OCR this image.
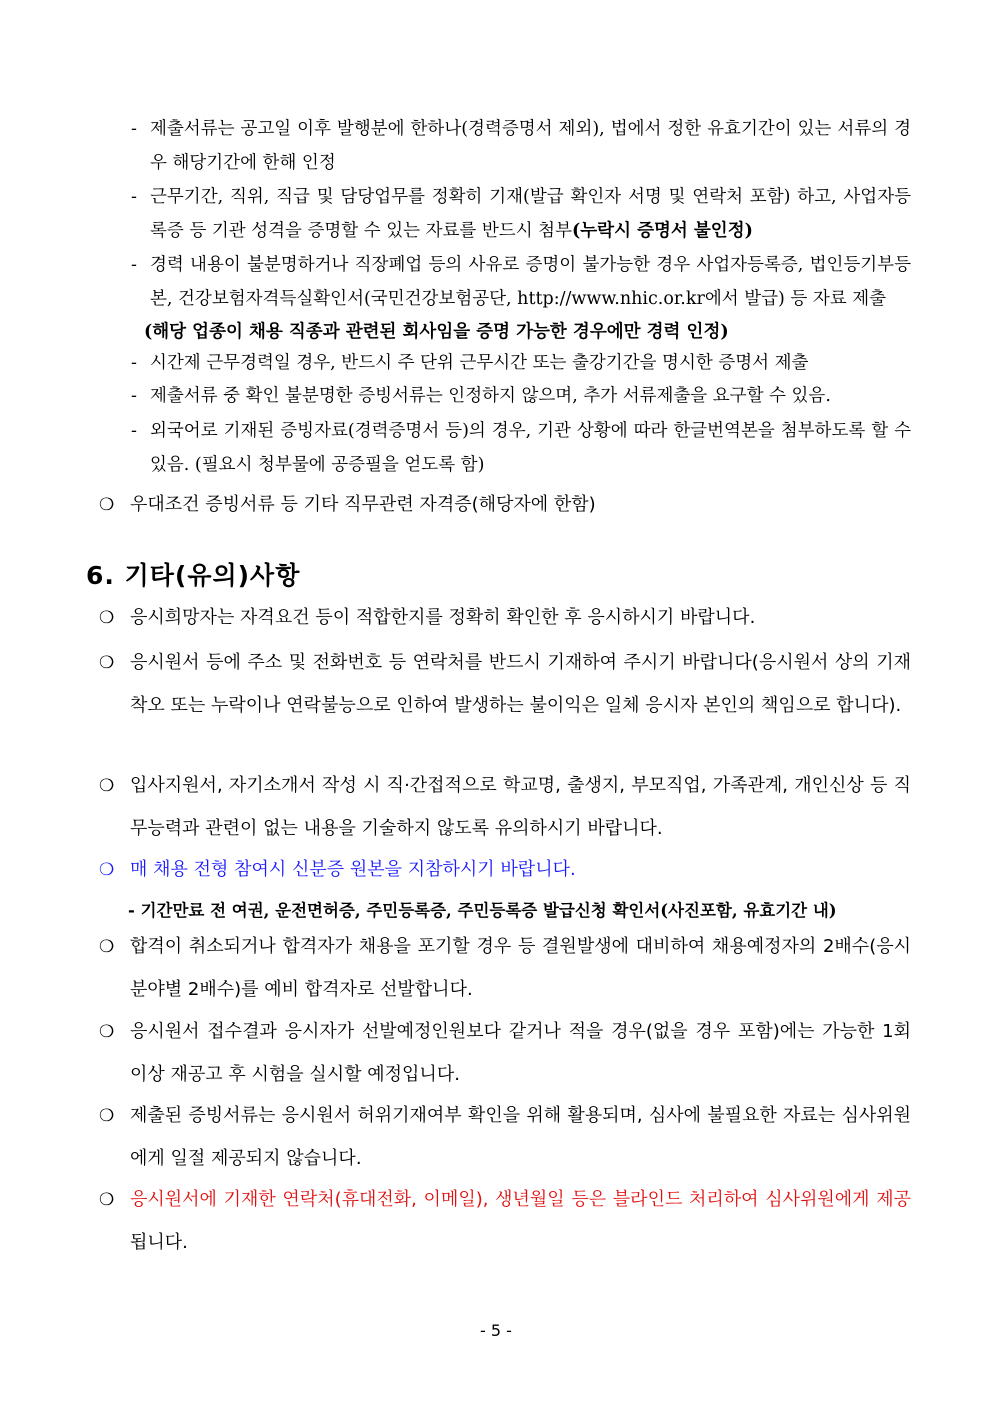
- 제출서류는 공고일 이후 발행분에 한하나(경력증명서 제외), 법에서 정한 유효기간이 있는 서류의 경우 해당기간에 한해 인정
- 근무기간, 직위, 직급 및 담당업무를 정확히 기재(발급 확인자 서명 및 연락처 포함) 하고, 사업자등록증 등 기관 성격을 증명할 수 있는 자료를 반드시 첨부(누락시 증명서 불인정)
- 경력 내용이 불분명하거나 직장폐업 등의 사유로 증명이 불가능한 경우 사업자등록증, 법인등기부등본, 건강보험자격득실확인서(국민건강보험공단, http://www.nhic.or.kr에서 발급) 등 자료 제출
(해당 업종이 채용 직종과 관련된 회사임을 증명 가능한 경우에만 경력 인정)
- 시간제 근무경력일 경우, 반드시 주 단위 근무시간 또는 출강기간을 명시한 증명서 제출
- 제출서류 중 확인 불분명한 증빙서류는 인정하지 않으며, 추가 서류제출을 요구할 수 있음.
- 외국어로 기재된 증빙자료(경력증명서 등)의 경우, 기관 상황에 따라 한글번역본을 첨부하도록 할 수 있음. (필요시 청부물에 공증필을 얻도록 함)
❍ 우대조건 증빙서류 등 기타 직무관련 자격증(해당자에 한함)
6. 기타(유의)사항
❍ 응시희망자는 자격요건 등이 적합한지를 정확히 확인한 후 응시하시기 바랍니다.
❍ 응시원서 등에 주소 및 전화번호 등 연락처를 반드시 기재하여 주시기 바랍니다(응시원서 상의 기재착오 또는 누락이나 연락불능으로 인하여 발생하는 불이익은 일체 응시자 본인의 책임으로 합니다).
❍ 입사지원서, 자기소개서 작성 시 직·간접적으로 학교명, 출생지, 부모직업, 가족관계, 개인신상 등 직무능력과 관련이 없는 내용을 기술하지 않도록 유의하시기 바랍니다.
❍ 매 채용 전형 참여시 신분증 원본을 지참하시기 바랍니다.
- 기간만료 전 여권, 운전면허증, 주민등록증, 주민등록증 발급신청 확인서(사진포함, 유효기간 내)
❍ 합격이 취소되거나 합격자가 채용을 포기할 경우 등 결원발생에 대비하여 채용예정자의 2배수(응시분야별 2배수)를 예비 합격자로 선발합니다.
❍ 응시원서 접수결과 응시자가 선발예정인원보다 같거나 적을 경우(없을 경우 포함)에는 가능한 1회 이상 재공고 후 시험을 실시할 예정입니다.
❍ 제출된 증빙서류는 응시원서 허위기재여부 확인을 위해 활용되며, 심사에 불필요한 자료는 심사위원에게 일절 제공되지 않습니다.
❍ 응시원서에 기재한 연락처(휴대전화, 이메일), 생년월일 등은 블라인드 처리하여 심사위원에게 제공됩니다.
- 5 -
